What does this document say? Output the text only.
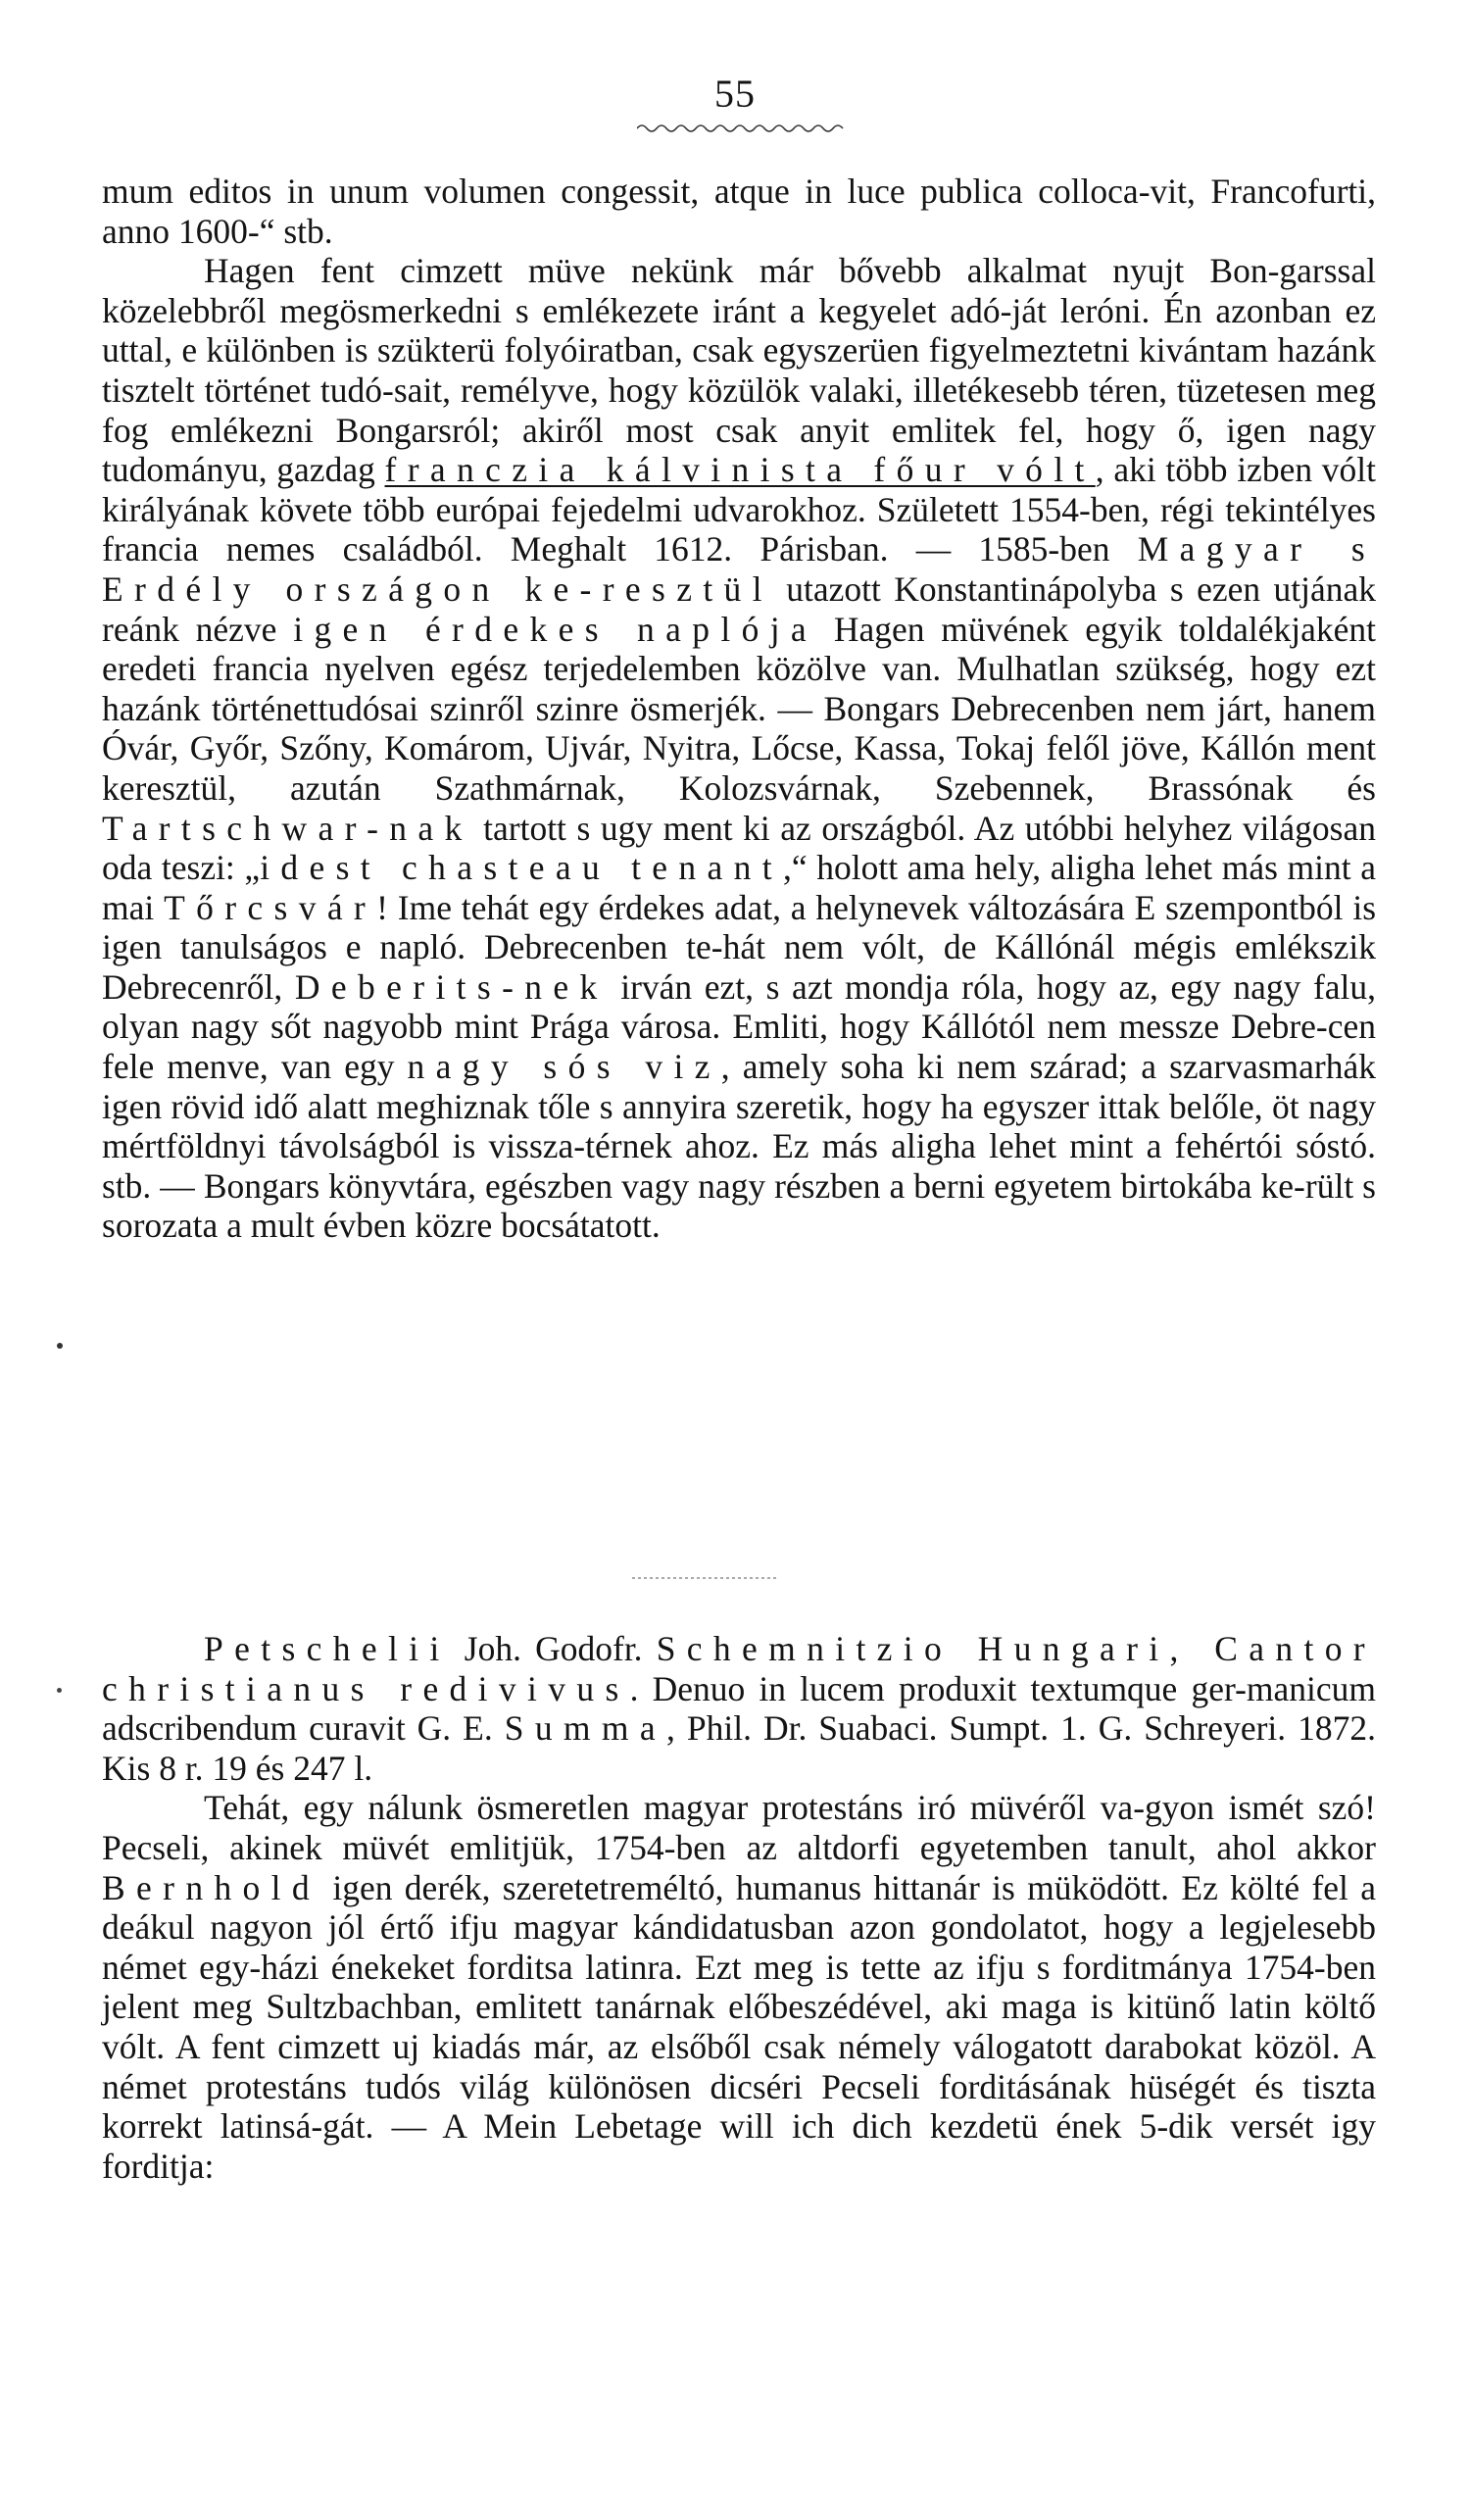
55

mum editos in unum volumen congessit, atque in luce publica colloca-vit, Francofurti, anno 1600-“ stb.

Hagen fent cimzett müve nekünk már bővebb alkalmat nyujt Bon-garssal közelebbről megösmerkedni s emlékezete iránt a kegyelet adó-ját leróni. Én azonban ez uttal, e különben is szükterü folyóiratban, csak egyszerüen figyelmeztetni kivántam hazánk tisztelt történet tudó-sait, remélyve, hogy közülök valaki, illetékesebb téren, tüzetesen meg fog emlékezni Bongarsról; akiről most csak anyit emlitek fel, hogy ő, igen nagy tudományu, gazdag franczia kálvinista főur vólt, aki több izben vólt királyának követe több európai fejedelmi udvarokhoz. Született 1554-ben, régi tekintélyes francia nemes családból. Meghalt 1612. Párisban. — 1585-ben Magyar s Erdély országon ke-resztül utazott Konstantinápolyba s ezen utjának reánk nézve igen érdekes naplója Hagen müvének egyik toldalékjaként eredeti francia nyelven egész terjedelemben közölve van. Mulhatlan szükség, hogy ezt hazánk történettudósai szinről szinre ösmerjék. — Bongars Debrecenben nem járt, hanem Óvár, Győr, Szőny, Komárom, Ujvár, Nyitra, Lőcse, Kassa, Tokaj felől jöve, Kállón ment keresztül, azután Szathmárnak, Kolozsvárnak, Szebennek, Brassónak és Tartschwar-nak tartott s ugy ment ki az országból. Az utóbbi helyhez világosan oda teszi: „idest chasteau tenant,“ holott ama hely, aligha lehet más mint a mai Tőrcsvár! Ime tehát egy érdekes adat, a helynevek változására E szempontból is igen tanulságos e napló. Debrecenben te-hát nem vólt, de Kállónál mégis emlékszik Debrecenről, Deberits-nek irván ezt, s azt mondja róla, hogy az, egy nagy falu, olyan nagy sőt nagyobb mint Prága városa. Emliti, hogy Kállótól nem messze Debre-cen fele menve, van egy nagy sós viz, amely soha ki nem szárad; a szarvasmarhák igen rövid idő alatt meghiznak tőle s annyira szeretik, hogy ha egyszer ittak belőle, öt nagy mértföldnyi távolságból is vissza-térnek ahoz. Ez más aligha lehet mint a fehértói sóstó. stb. — Bongars könyvtára, egészben vagy nagy részben a berni egyetem birtokába ke-rült s sorozata a mult évben közre bocsátatott.

Petschelii Joh. Godofr. Schemnitzio Hungari, Cantor christianus redivivus. Denuo in lucem produxit textumque ger-manicum adscribendum curavit G. E. Summa, Phil. Dr. Suabaci. Sumpt. 1. G. Schreyeri. 1872. Kis 8 r. 19 és 247 l.

Tehát, egy nálunk ösmeretlen magyar protestáns iró müvéről va-gyon ismét szó! Pecseli, akinek müvét emlitjük, 1754-ben az altdorfi egyetemben tanult, ahol akkor Bernhold igen derék, szeretetreméltó, humanus hittanár is müködött. Ez költé fel a deákul nagyon jól értő ifju magyar kándidatusban azon gondolatot, hogy a legjelesebb német egy-házi énekeket forditsa latinra. Ezt meg is tette az ifju s forditmánya 1754-ben jelent meg Sultzbachban, emlitett tanárnak előbeszédével, aki maga is kitünő latin költő vólt. A fent cimzett uj kiadás már, az elsőből csak némely válogatott darabokat közöl. A német protestáns tudós világ különösen dicséri Pecseli forditásának hüségét és tiszta korrekt latinsá-gát. — A Mein Lebetage will ich dich kezdetü ének 5-dik versét igy forditja:
